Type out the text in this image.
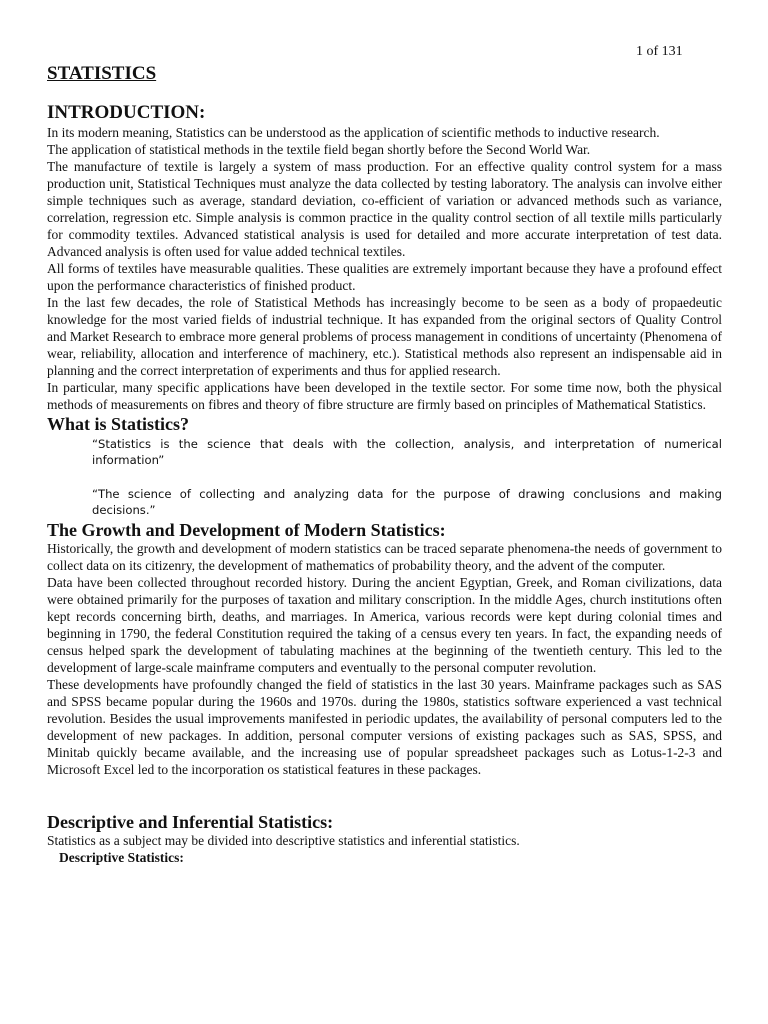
1 of 131
STATISTICS
INTRODUCTION:

In its modern meaning, Statistics can be understood as the application of scientific methods to inductive research.

The application of statistical methods in the textile field began shortly before the Second World War.

The manufacture of textile is largely a system of mass production. For an effective quality control system for a mass production unit, Statistical Techniques must analyze the data collected by testing laboratory. The analysis can involve either simple techniques such as average, standard deviation, co-efficient of variation or advanced methods such as variance, correlation, regression etc. Simple analysis is common practice in the quality control section of all textile mills particularly for commodity textiles. Advanced statistical analysis is used for detailed and more accurate interpretation of test data. Advanced analysis is often used for value added technical textiles.

All forms of textiles have measurable qualities. These qualities are extremely important because they have a profound effect upon the performance characteristics of finished product.

In the last few decades, the role of Statistical Methods has increasingly become to be seen as a body of propaedeutic knowledge for the most varied fields of industrial technique. It has expanded from the original sectors of Quality Control and Market Research to embrace more general problems of process management in conditions of uncertainty (Phenomena of wear, reliability, allocation and interference of machinery, etc.). Statistical methods also represent an indispensable aid in planning and the correct interpretation of experiments and thus for applied research.

In particular, many specific applications have been developed in the textile sector. For some time now, both the physical methods of measurements on fibres and theory of fibre structure are firmly based on principles of Mathematical Statistics.

What is Statistics?

“Statistics is the science that deals with the collection, analysis, and interpretation of numerical information”

“The science of collecting and analyzing data for the purpose of drawing conclusions and making decisions.”

The Growth and Development of Modern Statistics:

Historically, the growth and development of modern statistics can be traced separate phenomena-the needs of government to collect data on its citizenry, the development of mathematics of probability theory, and the advent of the computer.

Data have been collected throughout recorded history. During the ancient Egyptian, Greek, and Roman civilizations, data were obtained primarily for the purposes of taxation and military conscription. In the middle Ages, church institutions often kept records concerning birth, deaths, and marriages. In America, various records were kept during colonial times and beginning in 1790, the federal Constitution required the taking of a census every ten years. In fact, the expanding needs of census helped spark the development of tabulating machines at the beginning of the twentieth century. This led to the development of large-scale mainframe computers and eventually to the personal computer revolution.

These developments have profoundly changed the field of statistics in the last 30 years. Mainframe packages such as SAS and SPSS became popular during the 1960s and 1970s. during the 1980s, statistics software experienced a vast technical revolution. Besides the usual improvements manifested in periodic updates, the availability of personal computers led to the development of new packages. In addition, personal computer versions of existing packages such as SAS, SPSS, and Minitab quickly became available, and the increasing use of popular spreadsheet packages such as Lotus-1-2-3 and Microsoft Excel led to the incorporation os statistical features in these packages.

Descriptive and Inferential Statistics:

Statistics as a subject may be divided into descriptive statistics and inferential statistics.

Descriptive Statistics:
